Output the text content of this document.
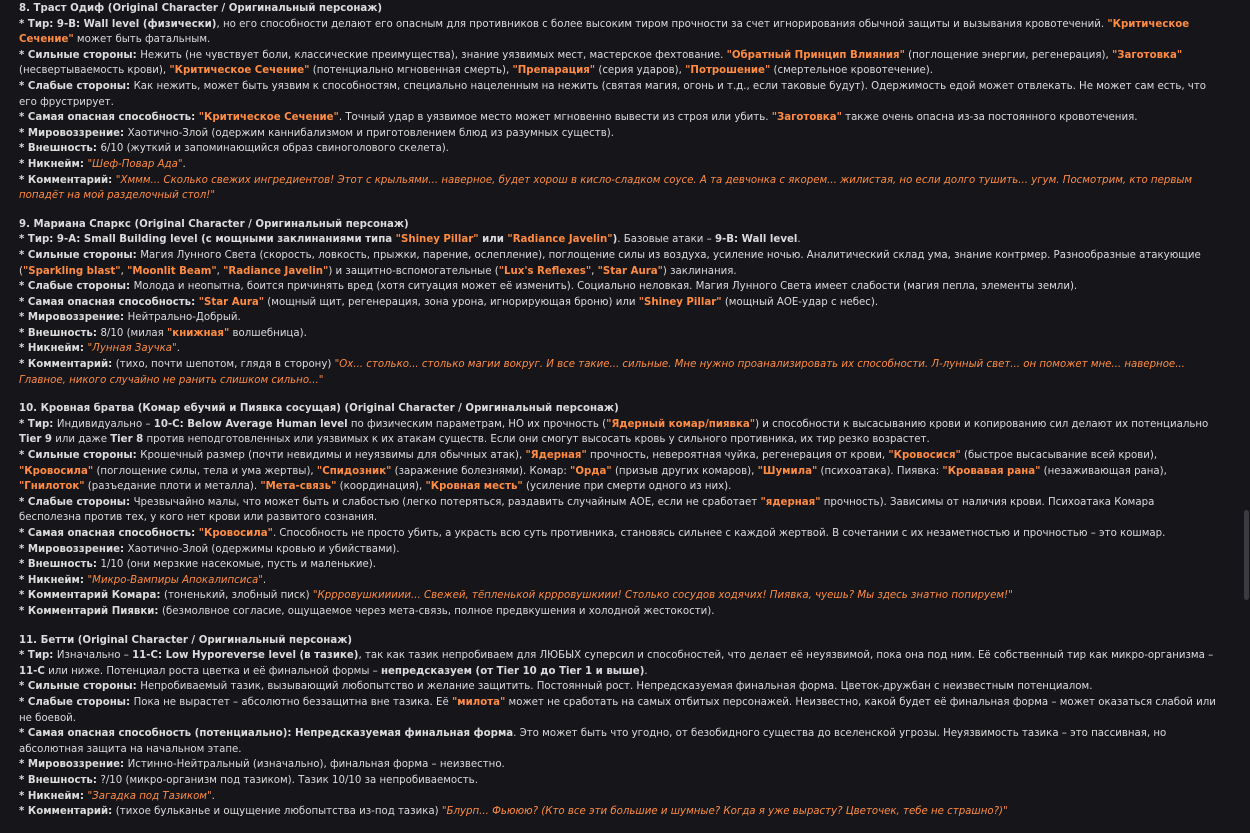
8. Траст Одиф (Original Character / Оригинальный персонаж)
* Тир: 9-B: Wall level (физически), но его способности делают его опасным для противников с более высоким тиром прочности за счет игнорирования обычной защиты и вызывания кровотечений. "Критическое Сечение" может быть фатальным.
* Сильные стороны: Нежить (не чувствует боли, классические преимущества), знание уязвимых мест, мастерское фехтование. "Обратный Принцип Влияния" (поглощение энергии, регенерация), "Заготовка" (несвертываемость крови), "Критическое Сечение" (потенциально мгновенная смерть), "Препарация" (серия ударов), "Потрошение" (смертельное кровотечение).
* Слабые стороны: Как нежить, может быть уязвим к способностям, специально нацеленным на нежить (святая магия, огонь и т.д., если таковые будут). Одержимость едой может отвлекать. Не может сам есть, что его фрустрирует.
* Самая опасная способность: "Критическое Сечение". Точный удар в уязвимое место может мгновенно вывести из строя или убить. "Заготовка" также очень опасна из-за постоянного кровотечения.
* Мировоззрение: Хаотично-Злой (одержим каннибализмом и приготовлением блюд из разумных существ).
* Внешность: 6/10 (жуткий и запоминающийся образ свиноголового скелета).
* Никнейм: "Шеф-Повар Ада".
* Комментарий: "Хммм... Сколько свежих ингредиентов! Этот с крыльями... наверное, будет хорош в кисло-сладком соусе. А та девчонка с якорем... жилистая, но если долго тушить... угум. Посмотрим, кто первым попадёт на мой разделочный стол!"
9. Мариана Спаркс (Original Character / Оригинальный персонаж)
* Тир: 9-A: Small Building level (с мощными заклинаниями типа "Shiney Pillar" или "Radiance Javelin"). Базовые атаки – 9-B: Wall level.
* Сильные стороны: Магия Лунного Света (скорость, ловкость, прыжки, парение, ослепление), поглощение силы из воздуха, усиление ночью. Аналитический склад ума, знание контрмер. Разнообразные атакующие ("Sparkling blast", "Moonlit Beam", "Radiance Javelin") и защитно-вспомогательные ("Lux's Reflexes", "Star Aura") заклинания.
* Слабые стороны: Молода и неопытна, боится причинять вред (хотя ситуация может её изменить). Социально неловкая. Магия Лунного Света имеет слабости (магия пепла, элементы земли).
* Самая опасная способность: "Star Aura" (мощный щит, регенерация, зона урона, игнорирующая броню) или "Shiney Pillar" (мощный АОЕ-удар с небес).
* Мировоззрение: Нейтрально-Добрый.
* Внешность: 8/10 (милая "книжная" волшебница).
* Никнейм: "Лунная Заучка".
* Комментарий: (тихо, почти шепотом, глядя в сторону) "Ох... столько... столько магии вокруг. И все такие... сильные. Мне нужно проанализировать их способности. Л-лунный свет... он поможет мне... наверное... Главное, никого случайно не ранить слишком сильно..."
10. Кровная братва (Комар ебучий и Пиявка сосущая) (Original Character / Оригинальный персонаж)
* Тир: Индивидуально – 10-C: Below Average Human level по физическим параметрам, НО их прочность ("Ядерный комар/пиявка") и способности к высасыванию крови и копированию сил делают их потенциально Tier 9 или даже Tier 8 против неподготовленных или уязвимых к их атакам существ. Если они смогут высосать кровь у сильного противника, их тир резко возрастет.
* Сильные стороны: Крошечный размер (почти невидимы и неуязвимы для обычных атак), "Ядерная" прочность, невероятная чуйка, регенерация от крови, "Кровосися" (быстрое высасывание всей крови), "Кровосила" (поглощение силы, тела и ума жертвы), "Спидозник" (заражение болезнями). Комар: "Орда" (призыв других комаров), "Шумила" (психоатака). Пиявка: "Кровавая рана" (незаживающая рана), "Гнилоток" (разъедание плоти и металла). "Мета-связь" (координация), "Кровная месть" (усиление при смерти одного из них).
* Слабые стороны: Чрезвычайно малы, что может быть и слабостью (легко потеряться, раздавить случайным АОЕ, если не сработает "ядерная" прочность). Зависимы от наличия крови. Психоатака Комара бесполезна против тех, у кого нет крови или развитого сознания.
* Самая опасная способность: "Кровосила". Способность не просто убить, а украсть всю суть противника, становясь сильнее с каждой жертвой. В сочетании с их незаметностью и прочностью – это кошмар.
* Мировоззрение: Хаотично-Злой (одержимы кровью и убийствами).
* Внешность: 1/10 (они мерзкие насекомые, пусть и маленькие).
* Никнейм: "Микро-Вампиры Апокалипсиса".
* Комментарий Комара: (тоненький, злобный писк) "Кррровушкиииии... Свежей, тёпленькой кррровушкиии! Столько сосудов ходячих! Пиявка, чуешь? Мы здесь знатно попируем!"
* Комментарий Пиявки: (безмолвное согласие, ощущаемое через мета-связь, полное предвкушения и холодной жестокости).
11. Бетти (Original Character / Оригинальный персонаж)
* Тир: Изначально – 11-C: Low Hyporeverse level (в тазике), так как тазик непробиваем для ЛЮБЫХ суперсил и способностей, что делает её неуязвимой, пока она под ним. Её собственный тир как микро-организма – 11-C или ниже. Потенциал роста цветка и её финальной формы – непредсказуем (от Tier 10 до Tier 1 и выше).
* Сильные стороны: Непробиваемый тазик, вызывающий любопытство и желание защитить. Постоянный рост. Непредсказуемая финальная форма. Цветок-дружбан с неизвестным потенциалом.
* Слабые стороны: Пока не вырастет – абсолютно беззащитна вне тазика. Её "милота" может не сработать на самых отбитых персонажей. Неизвестно, какой будет её финальная форма – может оказаться слабой или не боевой.
* Самая опасная способность (потенциально): Непредсказуемая финальная форма. Это может быть что угодно, от безобидного существа до вселенской угрозы. Неуязвимость тазика – это пассивная, но абсолютная защита на начальном этапе.
* Мировоззрение: Истинно-Нейтральный (изначально), финальная форма – неизвестно.
* Внешность: ?/10 (микро-организм под тазиком). Тазик 10/10 за непробиваемость.
* Никнейм: "Загадка под Тазиком".
* Комментарий: (тихое бульканье и ощущение любопытства из-под тазика) "Блурп... Фьююю? (Кто все эти большие и шумные? Когда я уже вырасту? Цветочек, тебе не страшно?)"
